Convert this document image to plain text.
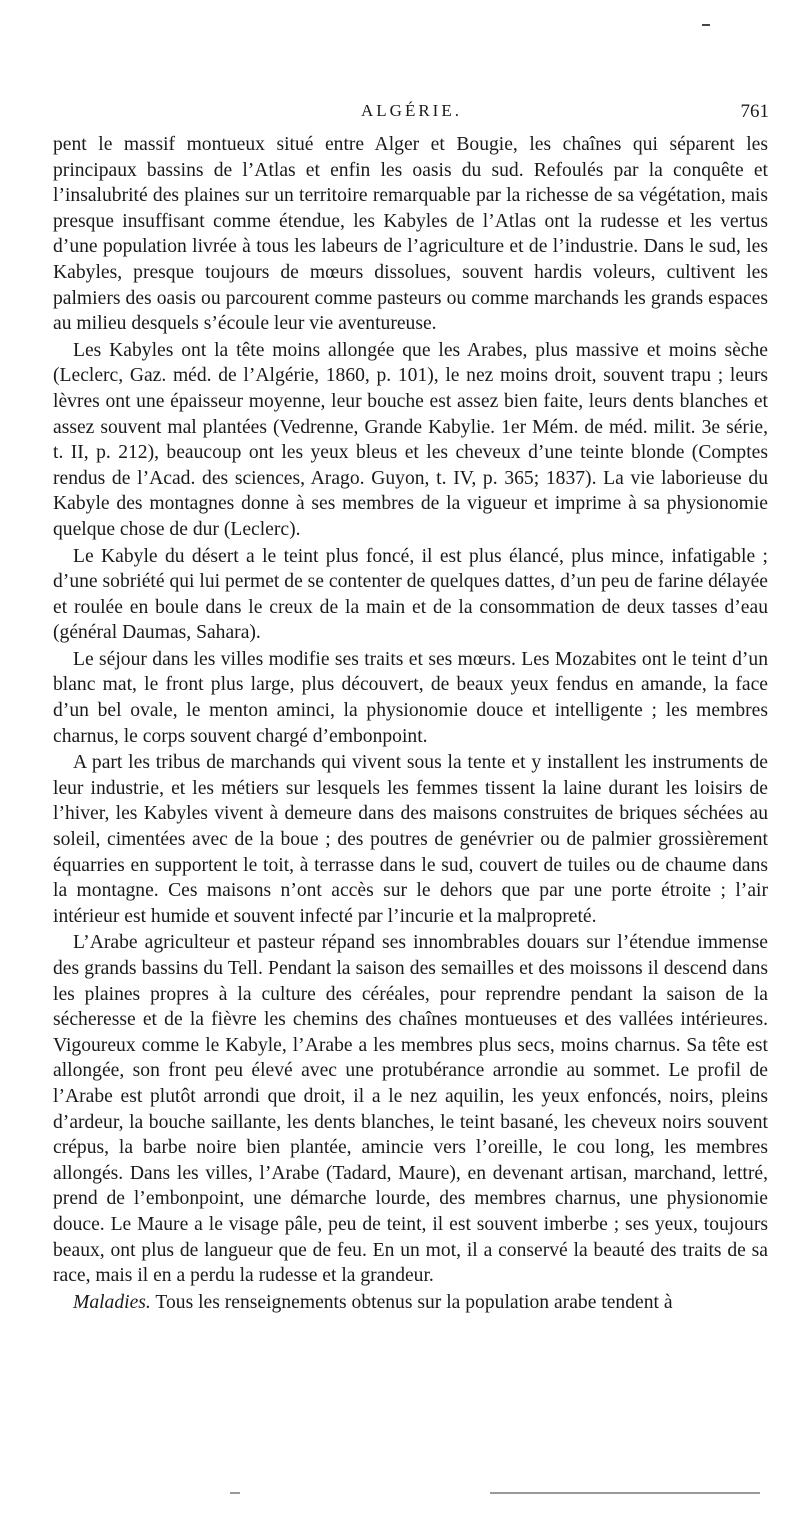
ALGÉRIE.	761

pent le massif montueux situé entre Alger et Bougie, les chaînes qui séparent les principaux bassins de l’Atlas et enfin les oasis du sud. Refoulés par la conquête et l’insalubrité des plaines sur un territoire remarquable par la richesse de sa végétation, mais presque insuffisant comme étendue, les Kabyles de l’Atlas ont la rudesse et les vertus d’une population livrée à tous les labeurs de l’agriculture et de l’industrie. Dans le sud, les Kabyles, presque toujours de mœurs dissolues, souvent hardis voleurs, cultivent les palmiers des oasis ou parcourent comme pasteurs ou comme marchands les grands espaces au milieu desquels s’écoule leur vie aventureuse.

Les Kabyles ont la tête moins allongée que les Arabes, plus massive et moins sèche (Leclerc, Gaz. méd. de l’Algérie, 1860, p. 101), le nez moins droit, souvent trapu ; leurs lèvres ont une épaisseur moyenne, leur bouche est assez bien faite, leurs dents blanches et assez souvent mal plantées (Vedrenne, Grande Kabylie. 1er Mém. de méd. milit. 3e série, t. II, p. 212), beaucoup ont les yeux bleus et les cheveux d’une teinte blonde (Comptes rendus de l’Acad. des sciences, Arago. Guyon, t. IV, p. 365; 1837). La vie laborieuse du Kabyle des montagnes donne à ses membres de la vigueur et imprime à sa physionomie quelque chose de dur (Leclerc).

Le Kabyle du désert a le teint plus foncé, il est plus élancé, plus mince, infatigable ; d’une sobriété qui lui permet de se contenter de quelques dattes, d’un peu de farine délayée et roulée en boule dans le creux de la main et de la consommation de deux tasses d’eau (général Daumas, Sahara).

Le séjour dans les villes modifie ses traits et ses mœurs. Les Mozabites ont le teint d’un blanc mat, le front plus large, plus découvert, de beaux yeux fendus en amande, la face d’un bel ovale, le menton aminci, la physionomie douce et intelligente ; les membres charnus, le corps souvent chargé d’embonpoint.

A part les tribus de marchands qui vivent sous la tente et y installent les instruments de leur industrie, et les métiers sur lesquels les femmes tissent la laine durant les loisirs de l’hiver, les Kabyles vivent à demeure dans des maisons construites de briques séchées au soleil, cimentées avec de la boue ; des poutres de genévrier ou de palmier grossièrement équarries en supportent le toit, à terrasse dans le sud, couvert de tuiles ou de chaume dans la montagne. Ces maisons n’ont accès sur le dehors que par une porte étroite ; l’air intérieur est humide et souvent infecté par l’incurie et la malpropreté.

L’Arabe agriculteur et pasteur répand ses innombrables douars sur l’étendue immense des grands bassins du Tell. Pendant la saison des semailles et des moissons il descend dans les plaines propres à la culture des céréales, pour reprendre pendant la saison de la sécheresse et de la fièvre les chemins des chaînes montueuses et des vallées intérieures. Vigoureux comme le Kabyle, l’Arabe a les membres plus secs, moins charnus. Sa tête est allongée, son front peu élevé avec une protubérance arrondie au sommet. Le profil de l’Arabe est plutôt arrondi que droit, il a le nez aquilin, les yeux enfoncés, noirs, pleins d’ardeur, la bouche saillante, les dents blanches, le teint basané, les cheveux noirs souvent crépus, la barbe noire bien plantée, amincie vers l’oreille, le cou long, les membres allongés. Dans les villes, l’Arabe (Tadard, Maure), en devenant artisan, marchand, lettré, prend de l’embonpoint, une démarche lourde, des membres charnus, une physionomie douce. Le Maure a le visage pâle, peu de teint, il est souvent imberbe ; ses yeux, toujours beaux, ont plus de langueur que de feu. En un mot, il a conservé la beauté des traits de sa race, mais il en a perdu la rudesse et la grandeur.

Maladies. Tous les renseignements obtenus sur la population arabe tendent à
